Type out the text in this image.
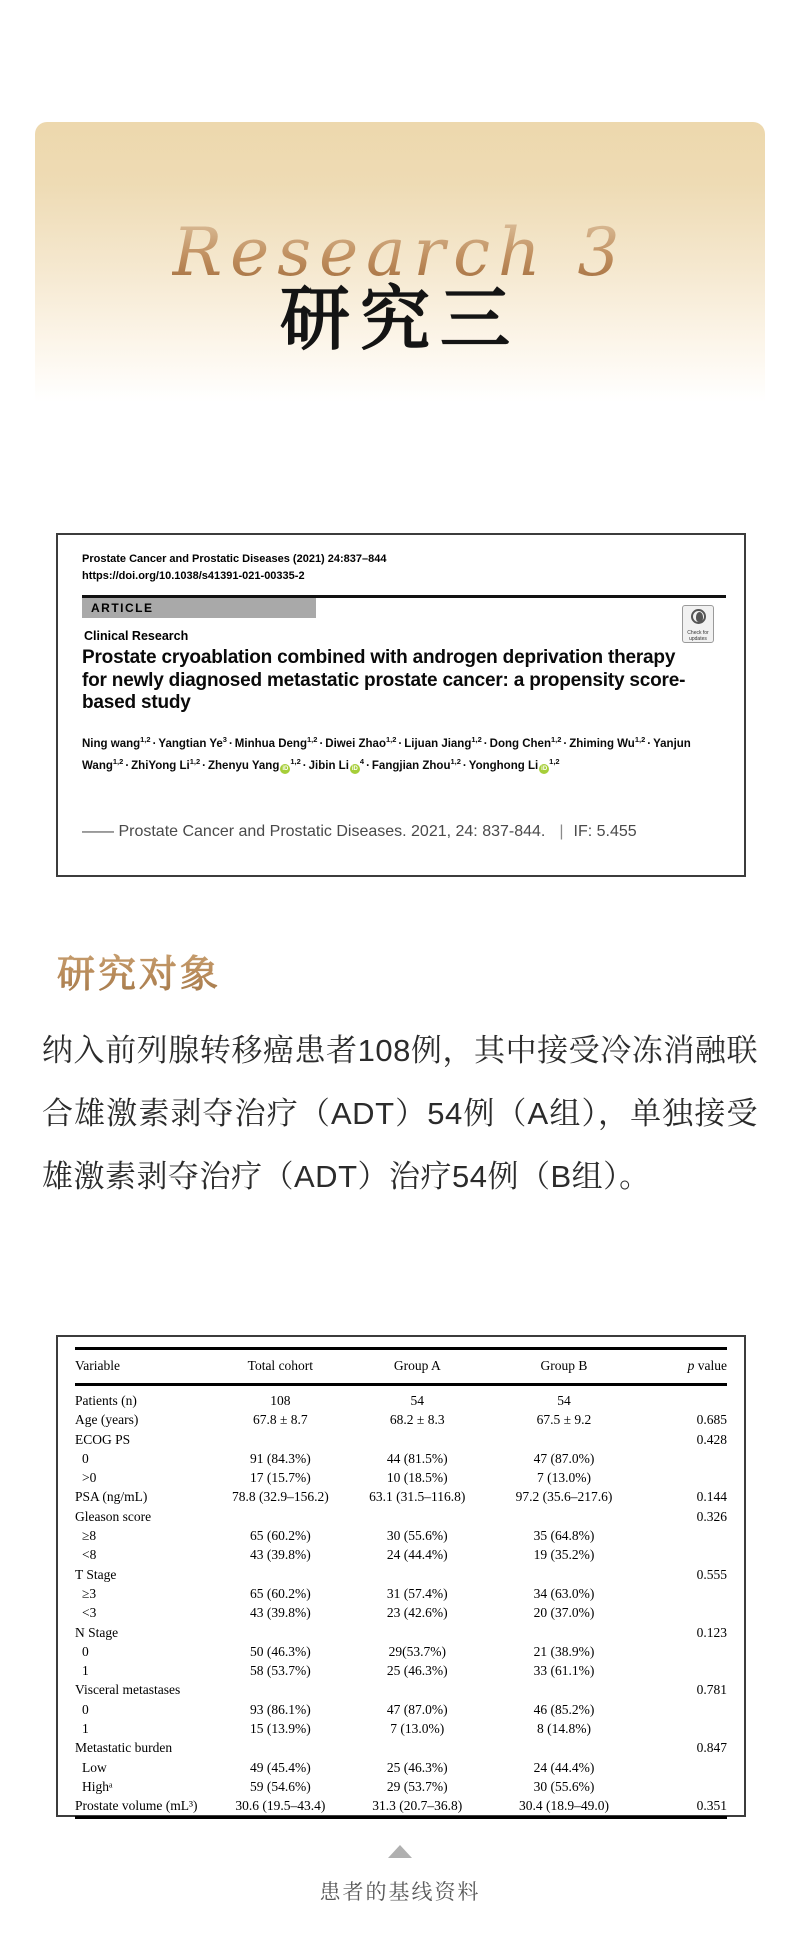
Research 3
研究三
Prostate Cancer and Prostatic Diseases (2021) 24:837–844
https://doi.org/10.1038/s41391-021-00335-2
ARTICLE
Clinical Research	Check for updates
Prostate cryoablation combined with androgen deprivation therapy for newly diagnosed metastatic prostate cancer: a propensity score-based study
Ning wang$^{1,2}$ · Yangtian $Ye^3$ · Minhua Deng$^{1,2}$ · Diwei Zhao$^{1,2}$ · Lijuan Jiang$^{1,2}$ · Dong Chen$^{1,2}$ · Zhiming Wu$^{1,2}$ · Yanjun Wang$^{1,2}$ · ZhiYong Li$^{1,2}$ · Zhenyu Yang iD$^{1,2}$ · Jibin Li $iD^4$ · Fangjian Zhou$^{1,2}$ · Yonghong Li iD$^{1,2}$
—— Prostate Cancer and Prostatic Diseases. 2021, 24: 837-844. | IF: 5.455
研究对象
纳入前列腺转移癌患者108例，其中接受冷冻消融联合雄激素剥夺治疗（ADT）54例（A组），单独接受雄激素剥夺治疗（ADT）治疗54例（B组）。
Variable	Total cohort	Group A	Group B	p value
Patients (n)	108	54	54	
Age (years)	67.8 ± 8.7	68.2 ± 8.3	67.5 ± 9.2	0.685
ECOG PS				0.428
0	91 (84.3%)	44 (81.5%)	47 (87.0%)	
>0	17 (15.7%)	10 (18.5%)	7 (13.0%)	
PSA (ng/mL)	78.8 (32.9–156.2)	63.1 (31.5–116.8)	97.2 (35.6–217.6)	0.144
Gleason score				0.326
≥8	65 (60.2%)	30 (55.6%)	35 (64.8%)	
<8	43 (39.8%)	24 (44.4%)	19 (35.2%)	
T Stage				0.555
≥3	65 (60.2%)	31 (57.4%)	34 (63.0%)	
<3	43 (39.8%)	23 (42.6%)	20 (37.0%)	
N Stage				0.123
0	50 (46.3%)	29(53.7%)	21 (38.9%)	
1	58 (53.7%)	25 (46.3%)	33 (61.1%)	
Visceral metastases				0.781
0	93 (86.1%)	47 (87.0%)	46 (85.2%)	
1	15 (13.9%)	7 (13.0%)	8 (14.8%)	
Metastatic burden				0.847
Low	49 (45.4%)	25 (46.3%)	24 (44.4%)	
Highᵃ	59 (54.6%)	29 (53.7%)	30 (55.6%)	
Prostate volume (mL³)	30.6 (19.5–43.4)	31.3 (20.7–36.8)	30.4 (18.9–49.0)	0.351
患者的基线资料
